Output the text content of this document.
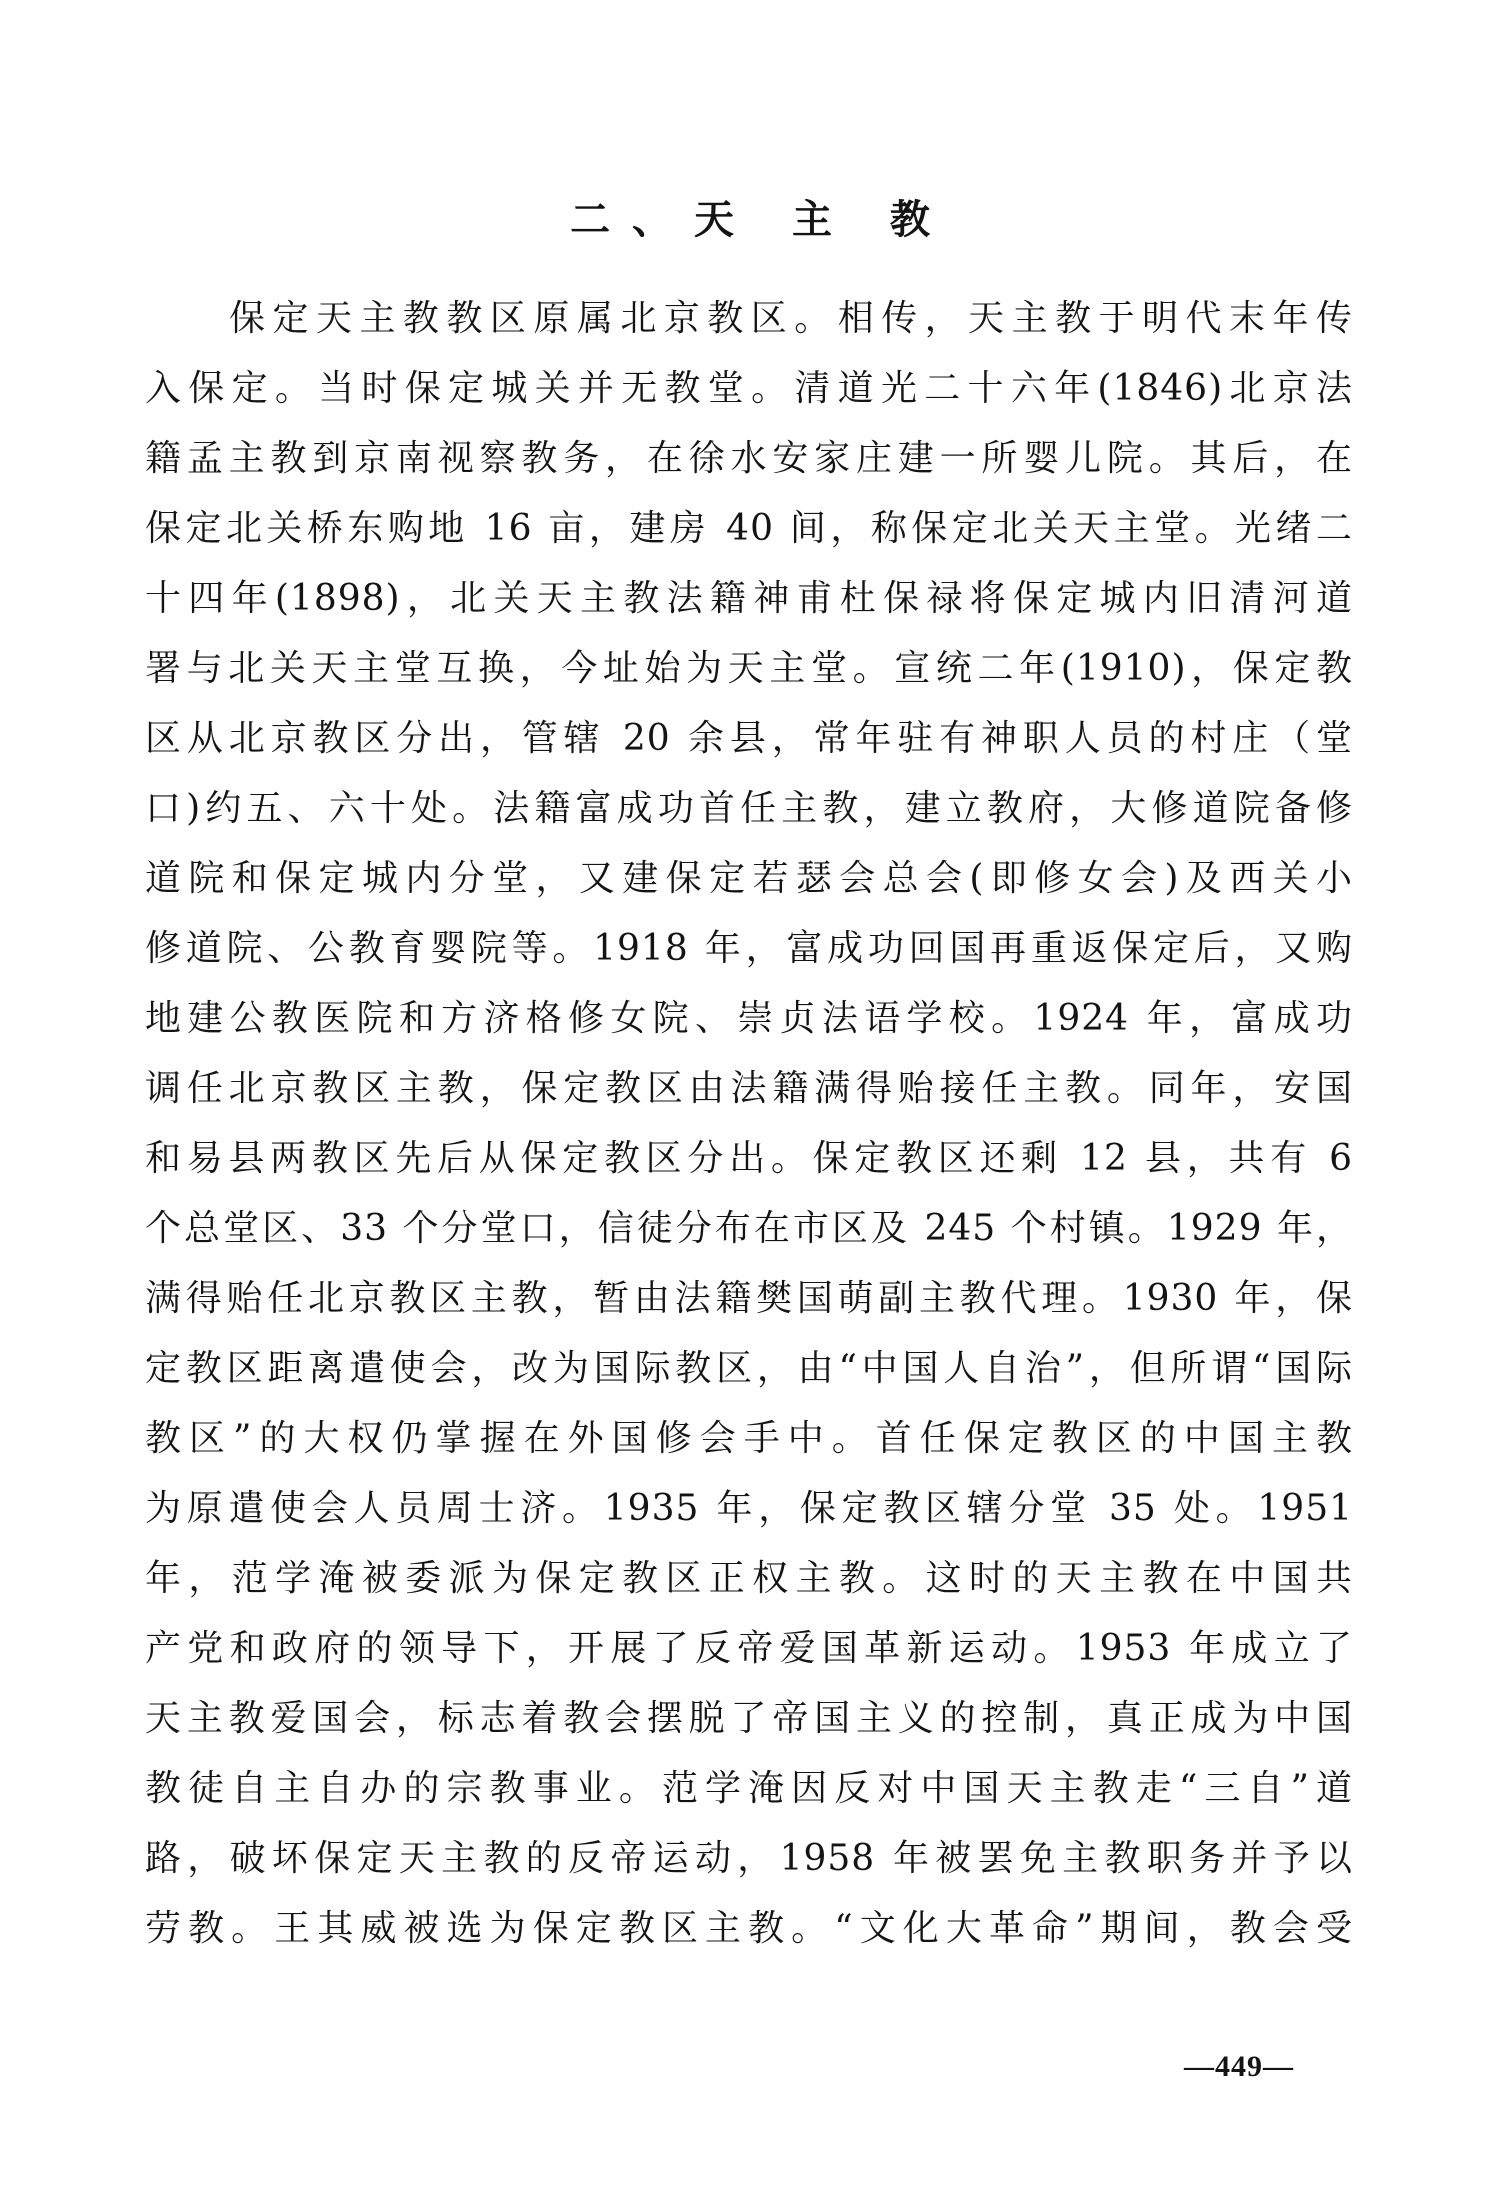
二、天 主 教
保定天主教教区原属北京教区。相传，天主教于明代末年传
入保定。当时保定城关并无教堂。清道光二十六年(1846)北京法
籍孟主教到京南视察教务，在徐水安家庄建一所婴儿院。其后，在
保定北关桥东购地 16 亩，建房 40 间，称保定北关天主堂。光绪二
十四年(1898)，北关天主教法籍神甫杜保禄将保定城内旧清河道
署与北关天主堂互换，今址始为天主堂。宣统二年(1910)，保定教
区从北京教区分出，管辖 20 余县，常年驻有神职人员的村庄（堂
口)约五、六十处。法籍富成功首任主教，建立教府，大修道院备修
道院和保定城内分堂，又建保定若瑟会总会(即修女会)及西关小
修道院、公教育婴院等。1918 年，富成功回国再重返保定后，又购
地建公教医院和方济格修女院、崇贞法语学校。1924 年，富成功
调任北京教区主教，保定教区由法籍满得贻接任主教。同年，安国
和易县两教区先后从保定教区分出。保定教区还剩 12 县，共有 6
个总堂区、33 个分堂口，信徒分布在市区及 245 个村镇。1929 年，
满得贻任北京教区主教，暂由法籍樊国萌副主教代理。1930 年，保
定教区距离遣使会，改为国际教区，由“中国人自治”，但所谓“国际
教区”的大权仍掌握在外国修会手中。首任保定教区的中国主教
为原遣使会人员周士济。1935 年，保定教区辖分堂 35 处。1951
年，范学淹被委派为保定教区正权主教。这时的天主教在中国共
产党和政府的领导下，开展了反帝爱国革新运动。1953 年成立了
天主教爱国会，标志着教会摆脱了帝国主义的控制，真正成为中国
教徒自主自办的宗教事业。范学淹因反对中国天主教走“三自”道
路，破坏保定天主教的反帝运动，1958 年被罢免主教职务并予以
劳教。王其威被选为保定教区主教。“文化大革命”期间，教会受
—449—
